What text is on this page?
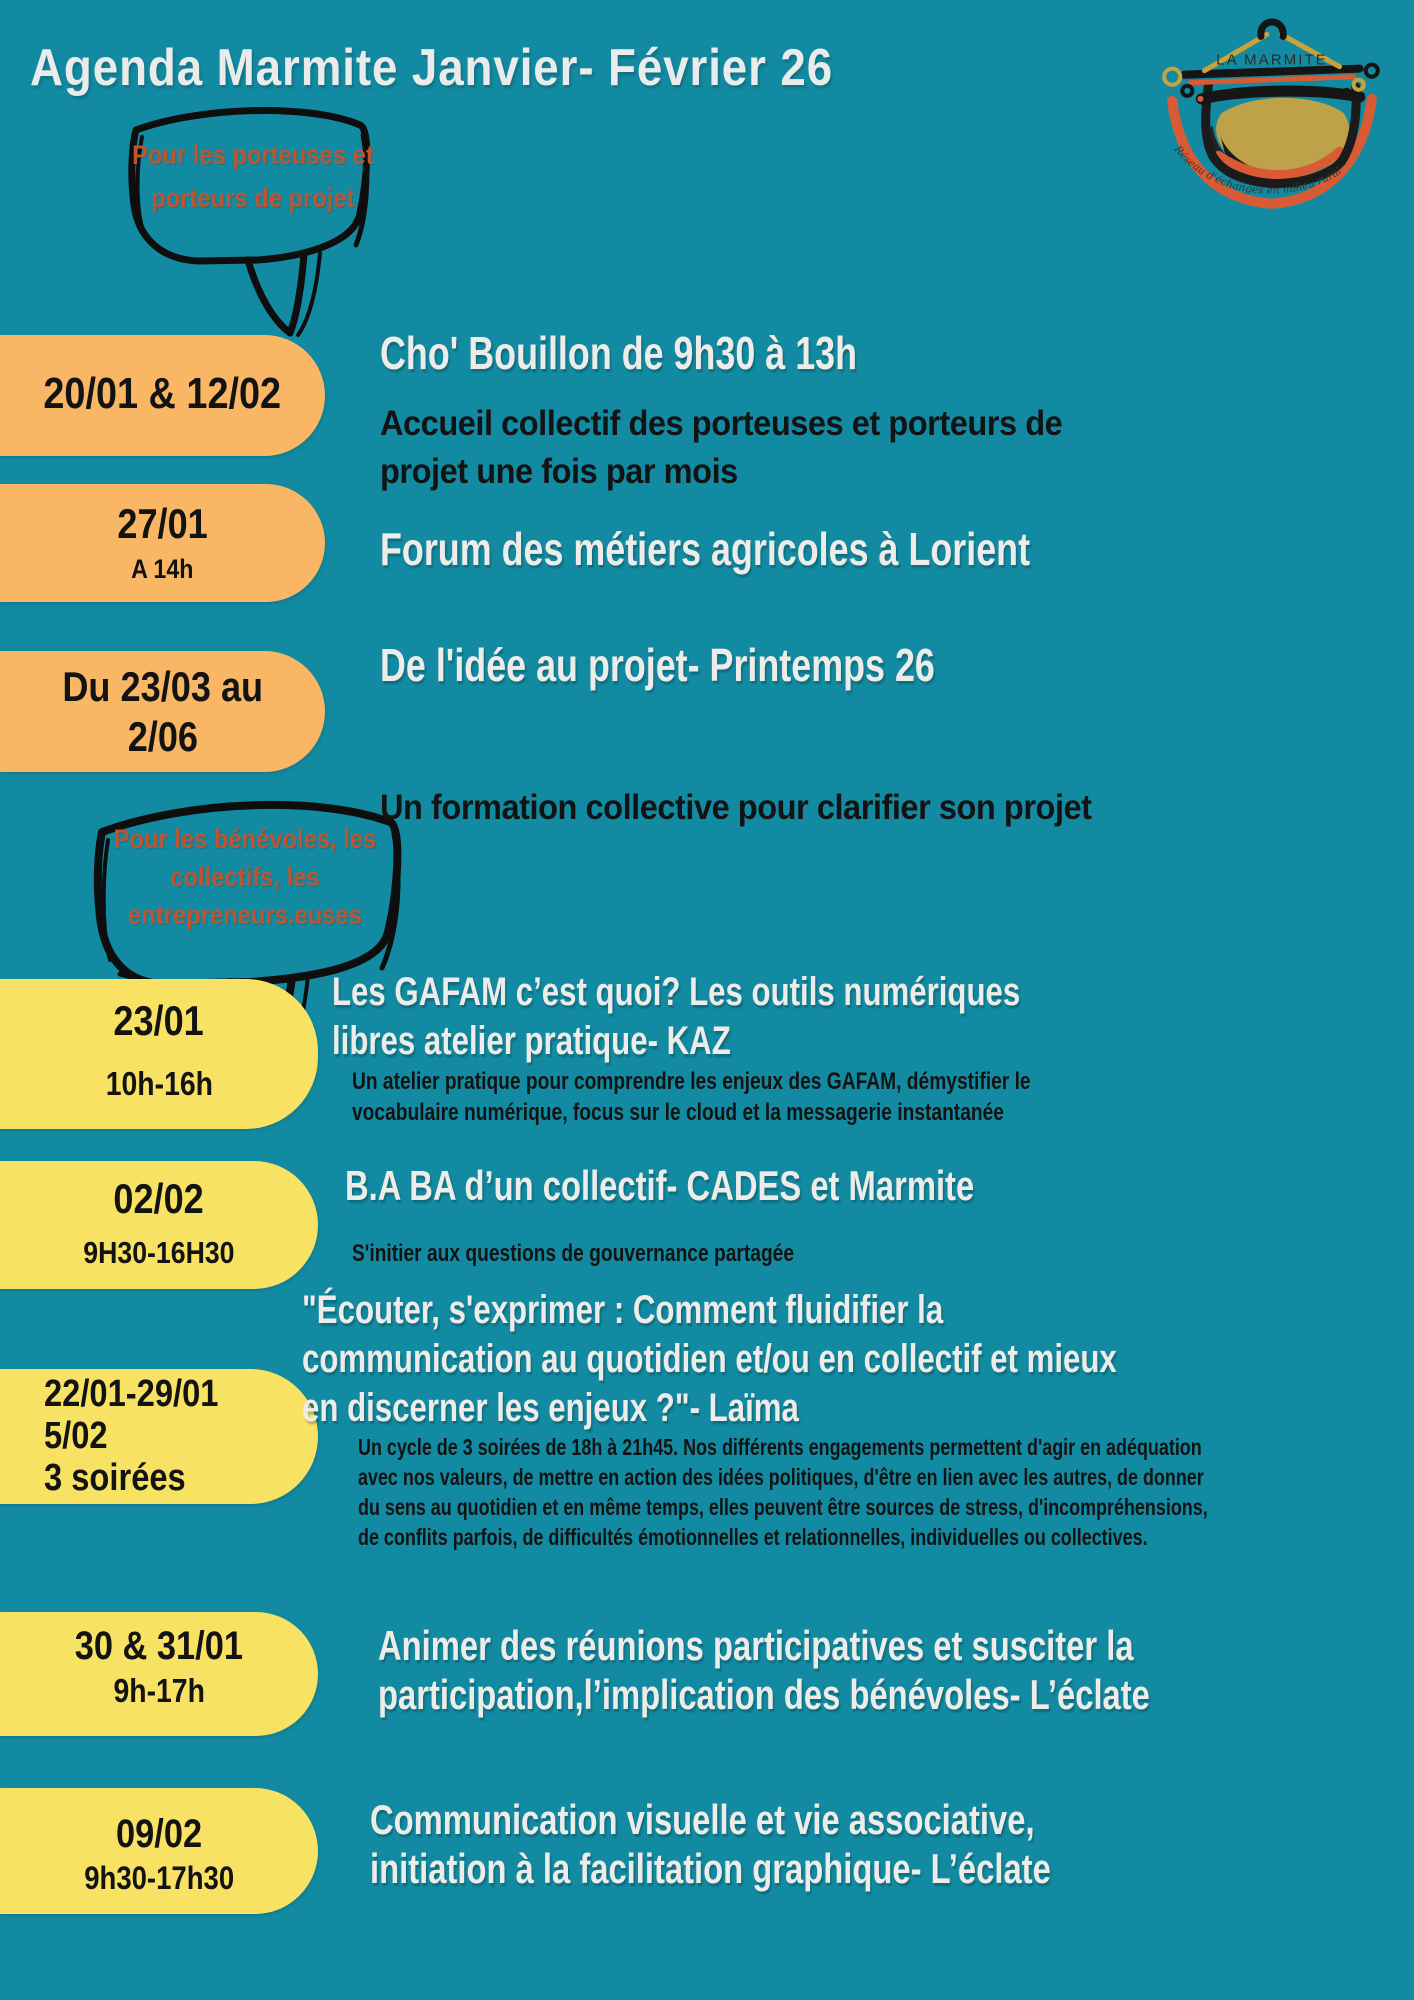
Agenda Marmite Janvier- Février 26	LA MARMITE
Réseau d'échanges en milieu rural
Pour les porteuses et
porteurs de projet
Pour les bénévoles, les
collectifs, les
entrepreneurs.euses
20/01 & 12/02
27/01
A 14h
Du 23/03 au
2/06
Cho' Bouillon de 9h30 à 13h
Accueil collectif des porteuses et porteurs de
projet une fois par mois
Forum des métiers agricoles à Lorient
De l'idée au projet- Printemps 26
Un formation collective pour clarifier son projet
23/01
10h-16h
02/02
9H30-16H30
22/01-29/01
5/02
3 soirées
30 & 31/01
9h-17h
09/02
9h30-17h30
Les GAFAM c’est quoi? Les outils numériques
libres atelier pratique- KAZ
Un atelier pratique pour comprendre les enjeux des GAFAM, démystifier le
vocabulaire numérique, focus sur le cloud et la messagerie instantanée
B.A BA d’un collectif- CADES et Marmite
S'initier aux questions de gouvernance partagée
"Écouter, s'exprimer : Comment fluidifier la
communication au quotidien et/ou en collectif et mieux
en discerner les enjeux ?"- Laïma
Un cycle de 3 soirées de 18h à 21h45. Nos différents engagements permettent d'agir en adéquation
avec nos valeurs, de mettre en action des idées politiques, d'être en lien avec les autres, de donner
du sens au quotidien et en même temps, elles peuvent être sources de stress, d'incompréhensions,
de conflits parfois, de difficultés émotionnelles et relationnelles, individuelles ou collectives.
Animer des réunions participatives et susciter la
participation,l’implication des bénévoles- L’éclate
Communication visuelle et vie associative,
initiation à la facilitation graphique- L’éclate
